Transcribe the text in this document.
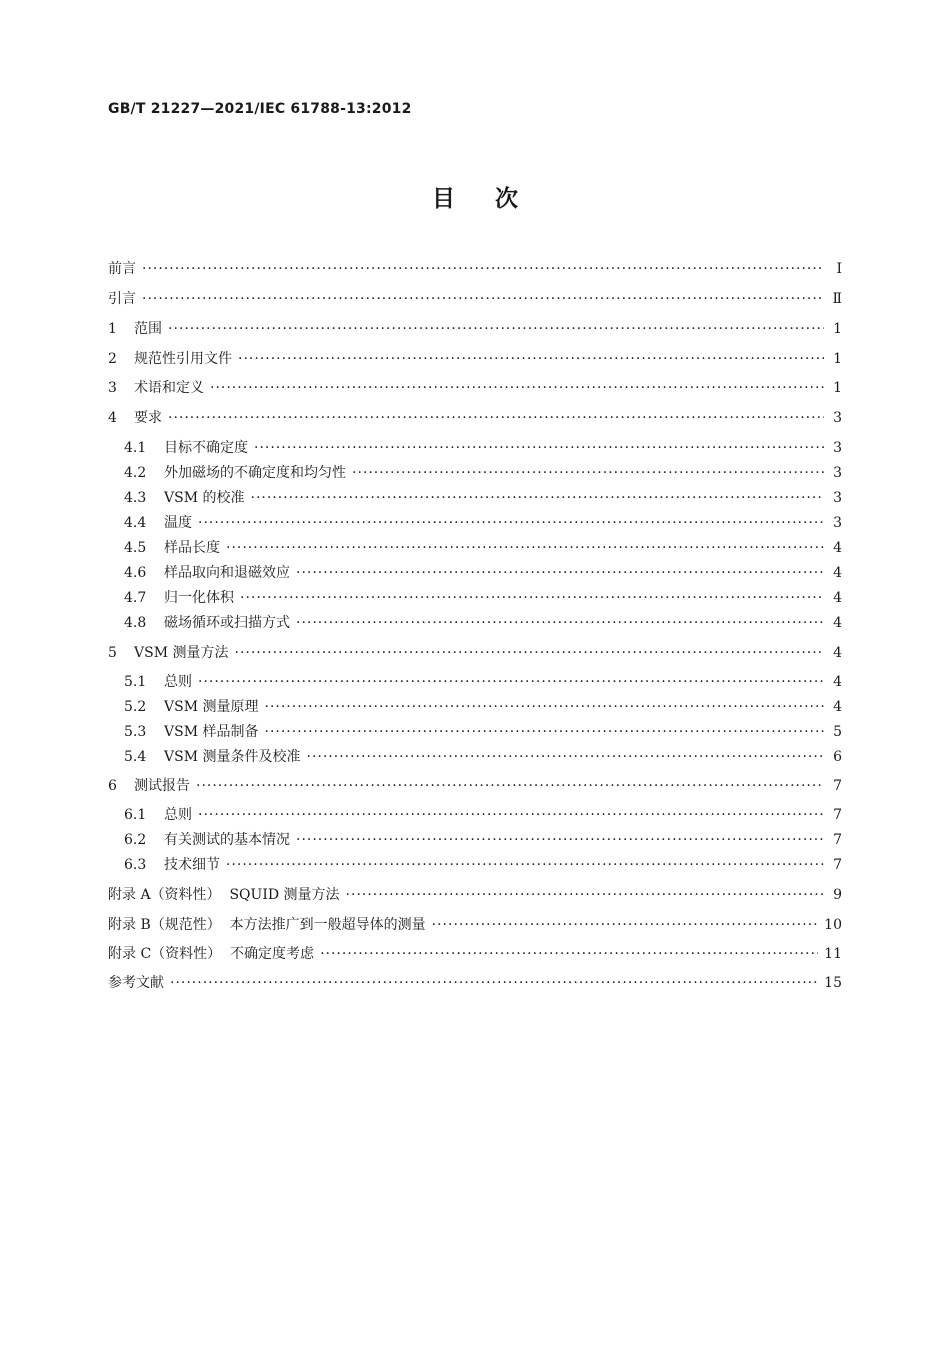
GB/T 21227—2021/IEC 61788-13:2012
目次
前言 ·····	Ⅰ
引言 ·····	Ⅱ
1 范围 ·····	1
2 规范性引用文件 ·····	1
3 术语和定义 ·····	1
4 要求 ·····	3
4.1 目标不确定度 ·····	3
4.2 外加磁场的不确定度和均匀性 ·····	3
4.3 VSM 的校准 ·····	3
4.4 温度 ·····	3
4.5 样品长度 ·····	4
4.6 样品取向和退磁效应 ·····	4
4.7 归一化体积 ·····	4
4.8 磁场循环或扫描方式 ·····	4
5 VSM 测量方法 ·····	4
5.1 总则 ·····	4
5.2 VSM 测量原理 ·····	4
5.3 VSM 样品制备 ·····	5
5.4 VSM 测量条件及校准 ·····	6
6 测试报告 ·····	7
6.1 总则 ·····	7
6.2 有关测试的基本情况 ·····	7
6.3 技术细节 ·····	7
附录 A（资料性）  SQUID 测量方法 ·····	9
附录 B（规范性）  本方法推广到一般超导体的测量 ·····	10
附录 C（资料性）  不确定度考虑 ·····	11
参考文献 ·····	15
